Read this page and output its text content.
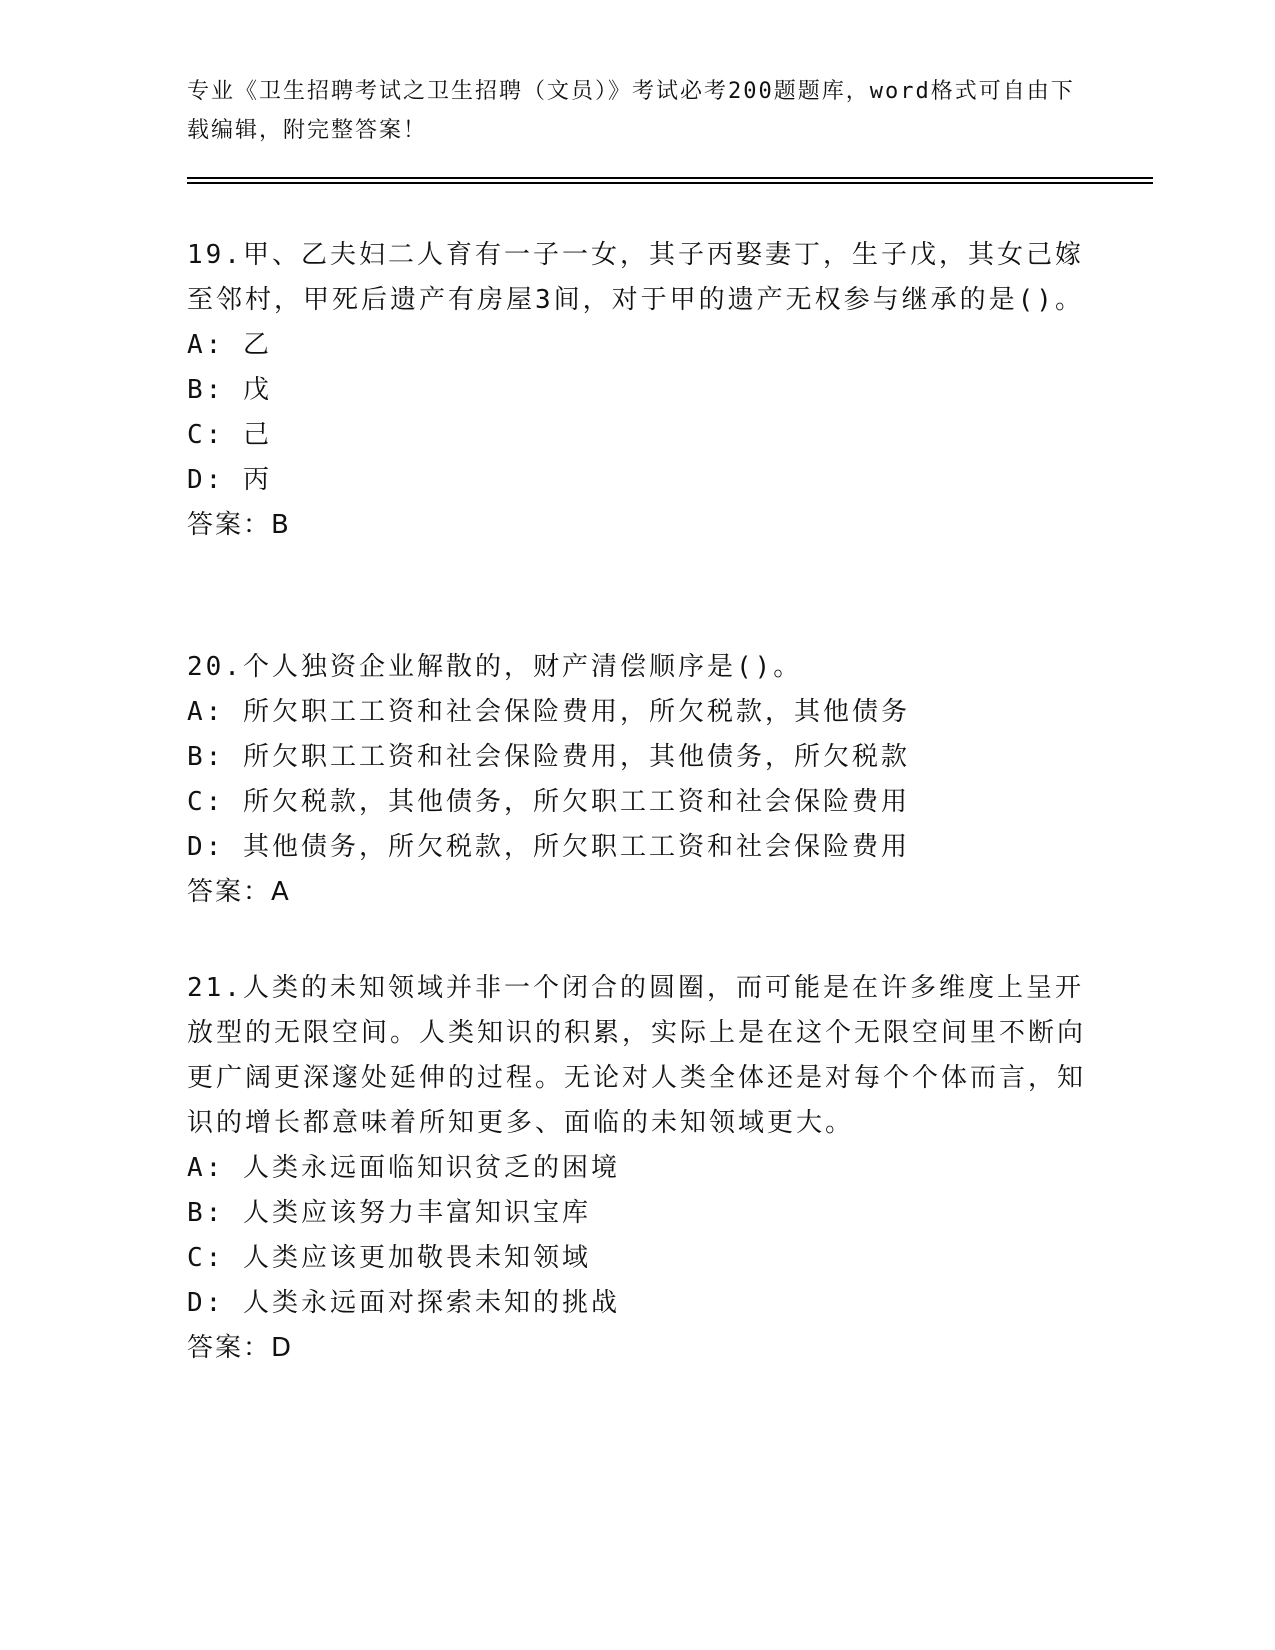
专业《卫生招聘考试之卫生招聘（文员）》考试必考200题题库，word格式可自由下载编辑，附完整答案！
19.甲、乙夫妇二人育有一子一女，其子丙娶妻丁，生子戊，其女己嫁至邻村，甲死后遗产有房屋3间，对于甲的遗产无权参与继承的是()。
A: 乙
B: 戊
C: 己
D: 丙
答案：B
20.个人独资企业解散的，财产清偿顺序是()。
A: 所欠职工工资和社会保险费用，所欠税款，其他债务
B: 所欠职工工资和社会保险费用，其他债务，所欠税款
C: 所欠税款，其他债务，所欠职工工资和社会保险费用
D: 其他债务，所欠税款，所欠职工工资和社会保险费用
答案：A
21.人类的未知领域并非一个闭合的圆圈，而可能是在许多维度上呈开放型的无限空间。人类知识的积累，实际上是在这个无限空间里不断向更广阔更深邃处延伸的过程。无论对人类全体还是对每个个体而言，知识的增长都意味着所知更多、面临的未知领域更大。
A: 人类永远面临知识贫乏的困境
B: 人类应该努力丰富知识宝库
C: 人类应该更加敬畏未知领域
D: 人类永远面对探索未知的挑战
答案：D
